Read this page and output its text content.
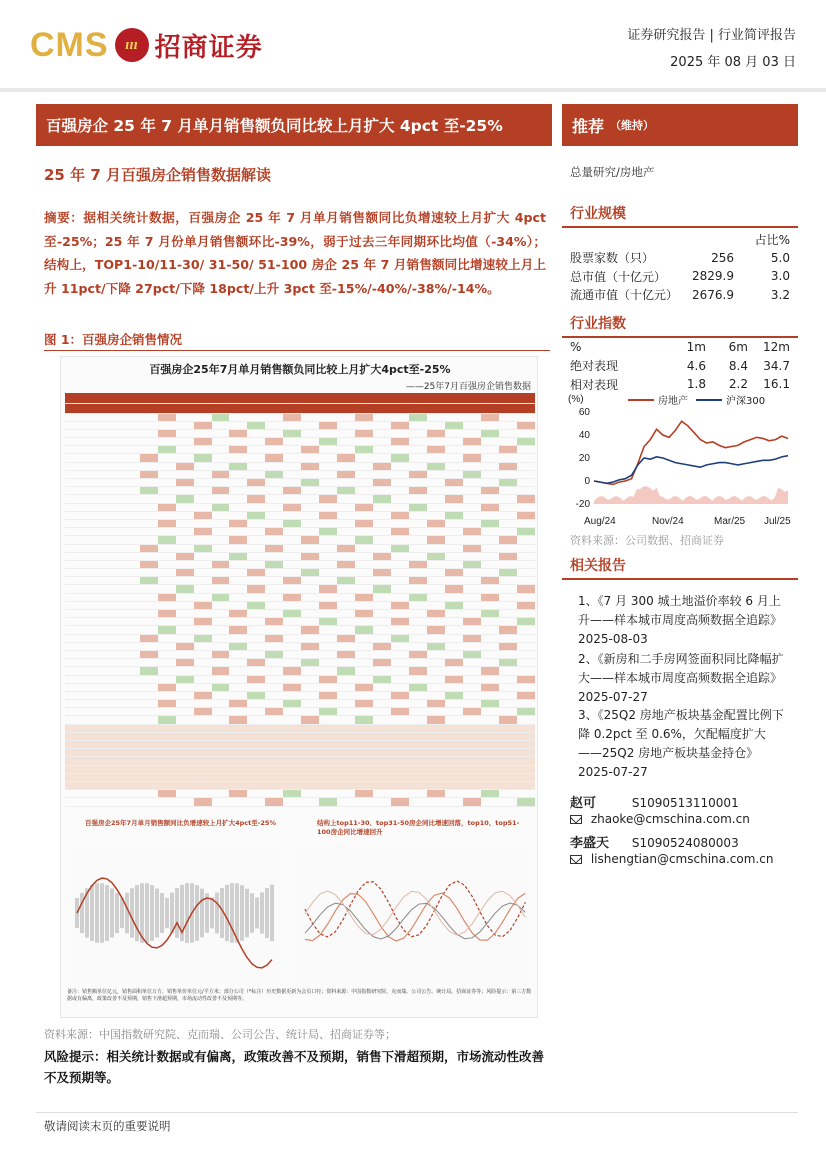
CMS	ııı 招商证券	证券研究报告 | 行业简评报告
2025 年 08 月 03 日
百强房企 25 年 7 月单月销售额负同比较上月扩大 4pct 至-25%
25 年 7 月百强房企销售数据解读
摘要：据相关统计数据，百强房企 25 年 7 月单月销售额同比负增速较上月扩大 4pct 至-25%；25 年 7 月份单月销售额环比-39%，弱于过去三年同期环比均值（-34%）；结构上，TOP1-10/11-30/ 31-50/ 51-100 房企 25 年 7 月销售额同比增速较上月上升 11pct/下降 27pct/下降 18pct/上升 3pct 至-15%/-40%/-38%/-14%。
图 1：百强房企销售情况
百强房企25年7月单月销售额负同比较上月扩大4pct至-25%
——25年7月百强房企销售数据

百强房企25年7月单月销售额同比负增速较上月扩大4pct至-25%	结构上top11-30、top31-50房企同比增速回落，top10、top51-100房企同比增速回升
备注：销售额单位亿元，销售面积单位万方，销售单价单位元/平方米；部分公司（*标注）历史数据更新为会员口径；资料来源：中国指数研究院、克而瑞、公司公告、统计局、招商证券等；风险提示：第三方数据或有偏离，政策改善不及预期，销售下滑超预期，市场流动性改善不及预期等。
资料来源：中国指数研究院、克而瑞、公司公告、统计局、招商证券等；
风险提示：相关统计数据或有偏离，政策改善不及预期，销售下滑超预期，市场流动性改善不及预期等。
推荐 （维持）
总量研究/房地产
行业规模
占比%
股票家数（只）	256	5.0
总市值（十亿元）	2829.9	3.0
流通市值（十亿元）	2676.9	3.2
行业指数
%	1m	6m	12m
绝对表现	4.6	8.4	34.7
相对表现	1.8	2.2	16.1
(%)
-20
0
20
40
60
房地产	沪深300
Aug/24	Nov/24	Mar/25 Jul/25
资料来源：公司数据、招商证券
相关报告
1、《7 月 300 城土地溢价率较 6 月上升——样本城市周度高频数据全追踪》2025-08-03
2、《新房和二手房网签面积同比降幅扩大——样本城市周度高频数据全追踪》2025-07-27
3、《25Q2 房地产板块基金配置比例下降 0.2pct 至 0.6%，欠配幅度扩大——25Q2 房地产板块基金持仓》2025-07-27
赵可	S1090513110001
zhaoke@cmschina.com.cn
李盛天 S1090524080003
lishengtian@cmschina.com.cn
敬请阅读末页的重要说明
